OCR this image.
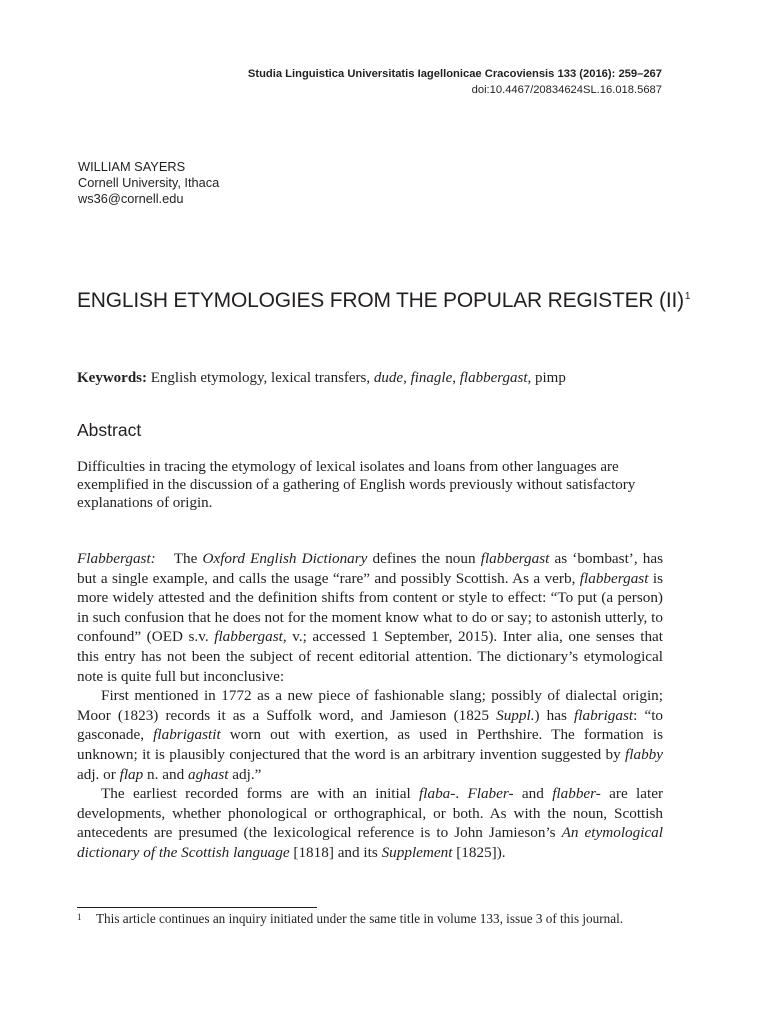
Studia Linguistica Universitatis Iagellonicae Cracoviensis 133 (2016): 259–267
doi:10.4467/20834624SL.16.018.5687
WILLIAM SAYERS
Cornell University, Ithaca
ws36@cornell.edu
ENGLISH ETYMOLOGIES FROM THE POPULAR REGISTER (II)$^1$
Keywords: English etymology, lexical transfers, dude, finagle, flabbergast, pimp
Abstract
Difficulties in tracing the etymology of lexical isolates and loans from other languages are exemplified in the discussion of a gathering of English words previously without satisfactory explanations of origin.

Flabbergast: The Oxford English Dictionary defines the noun flabbergast as ‘bombast’, has but a single example, and calls the usage “rare” and possibly Scottish. As a verb, flabbergast is more widely attested and the definition shifts from content or style to effect: “To put (a person) in such confusion that he does not for the moment know what to do or say; to astonish utterly, to confound” (OED s.v. flabbergast, v.; accessed 1 September, 2015). Inter alia, one senses that this entry has not been the subject of recent editorial attention. The dictionary’s etymological note is quite full but inconclusive:

First mentioned in 1772 as a new piece of fashionable slang; possibly of dialectal origin; Moor (1823) records it as a Suffolk word, and Jamieson (1825 Suppl.) has flabrigast: “to gasconade, flabrigastit worn out with exertion, as used in Perthshire. The formation is unknown; it is plausibly conjectured that the word is an arbitrary invention suggested by flabby adj. or flap n. and aghast adj.”

The earliest recorded forms are with an initial flaba-. Flaber- and flabber- are later developments, whether phonological or orthographical, or both. As with the noun, Scottish antecedents are presumed (the lexicological reference is to John Jamieson’s An etymological dictionary of the Scottish language [1818] and its Supplement [1825]).

1 This article continues an inquiry initiated under the same title in volume 133, issue 3 of this journal.
